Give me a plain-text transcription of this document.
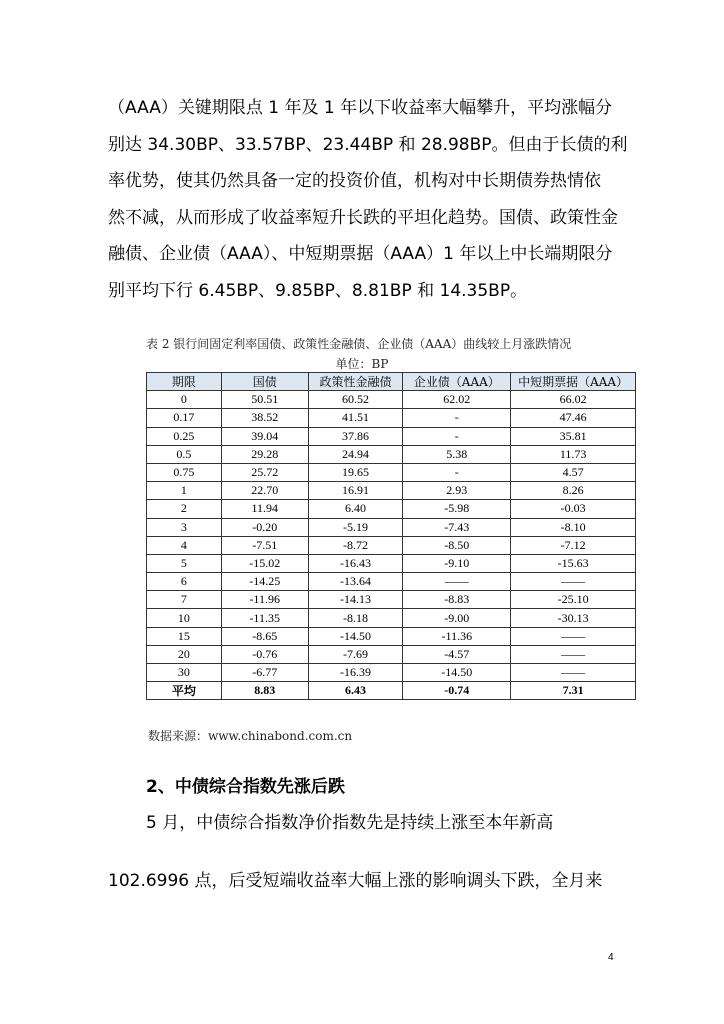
（AAA）关键期限点 1 年及 1 年以下收益率大幅攀升，平均涨幅分
别达 34.30BP、33.57BP、23.44BP 和 28.98BP。但由于长债的利
率优势，使其仍然具备一定的投资价值，机构对中长期债券热情依
然不减，从而形成了收益率短升长跌的平坦化趋势。国债、政策性金
融债、企业债（AAA）、中短期票据（AAA）1 年以上中长端期限分
别平均下行 6.45BP、9.85BP、8.81BP 和 14.35BP。
表 2 银行间固定利率国债、政策性金融债、企业债（AAA）曲线较上月涨跌情况
单位：BP
期限	国债	政策性金融债	企业债（AAA）	中短期票据（AAA）
0	50.51	60.52	62.02	66.02
0.17	38.52	41.51	-	47.46
0.25	39.04	37.86	-	35.81
0.5	29.28	24.94	5.38	11.73
0.75	25.72	19.65	-	4.57
1	22.70	16.91	2.93	8.26
2	11.94	6.40	-5.98	-0.03
3	-0.20	-5.19	-7.43	-8.10
4	-7.51	-8.72	-8.50	-7.12
5	-15.02	-16.43	-9.10	-15.63
6	-14.25	-13.64	——	——
7	-11.96	-14.13	-8.83	-25.10
10	-11.35	-8.18	-9.00	-30.13
15	-8.65	-14.50	-11.36	——
20	-0.76	-7.69	-4.57	——
30	-6.77	-16.39	-14.50	——
平均	8.83	6.43	-0.74	7.31
数据来源：www.chinabond.com.cn
2、中债综合指数先涨后跌
5 月，中债综合指数净价指数先是持续上涨至本年新高
102.6996 点，后受短端收益率大幅上涨的影响调头下跌，全月来
4
